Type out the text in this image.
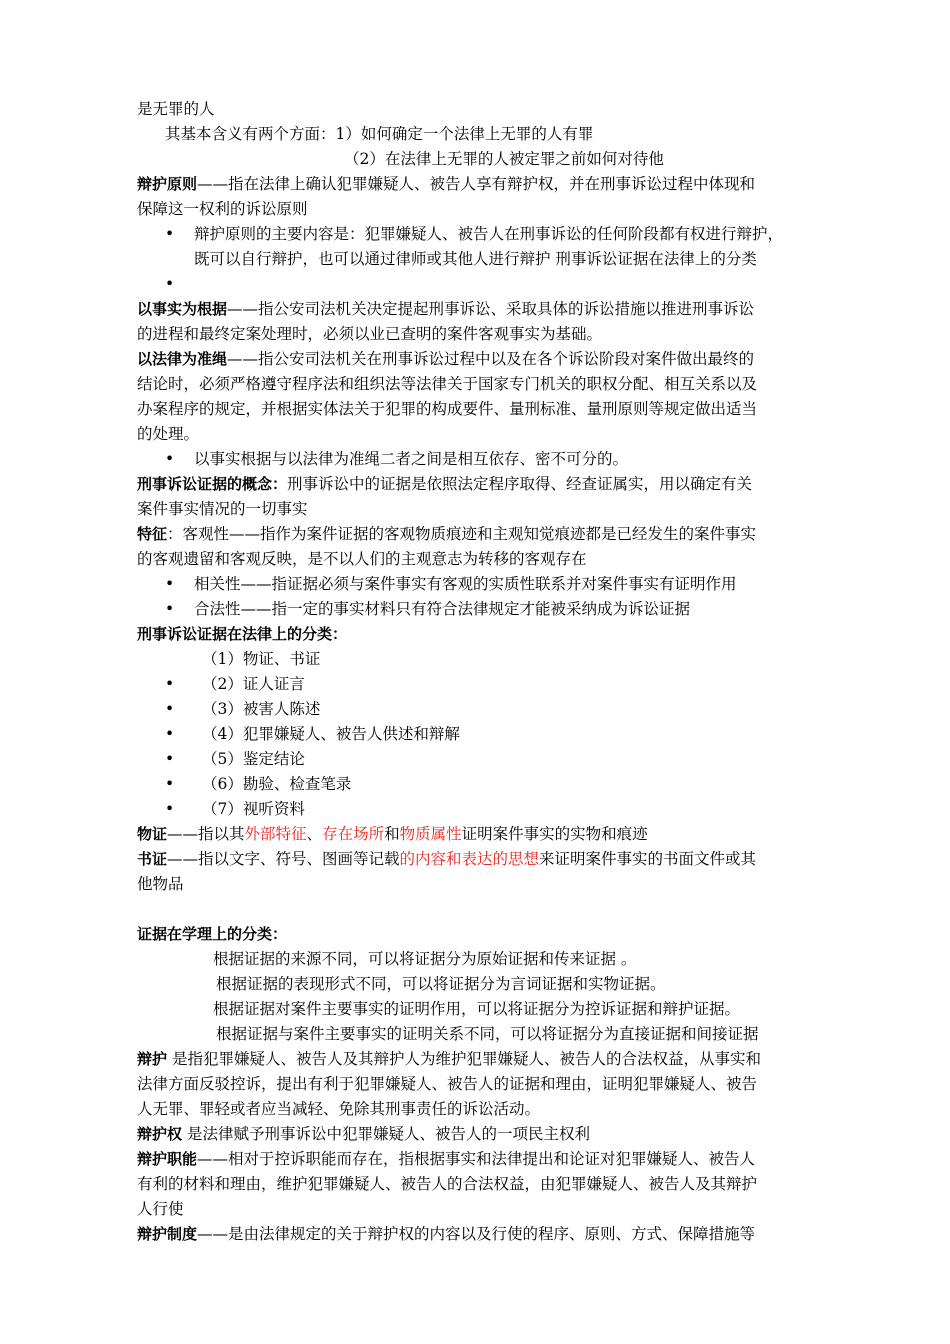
是无罪的人
其基本含义有两个方面：1）如何确定一个法律上无罪的人有罪
（2）在法律上无罪的人被定罪之前如何对待他
辩护原则——指在法律上确认犯罪嫌疑人、被告人享有辩护权，并在刑事诉讼过程中体现和
保障这一权利的诉讼原则
• 辩护原则的主要内容是：犯罪嫌疑人、被告人在刑事诉讼的任何阶段都有权进行辩护，
既可以自行辩护，也可以通过律师或其他人进行辩护 刑事诉讼证据在法律上的分类
•
以事实为根据——指公安司法机关决定提起刑事诉讼、采取具体的诉讼措施以推进刑事诉讼
的进程和最终定案处理时，必须以业已查明的案件客观事实为基础。
以法律为准绳——指公安司法机关在刑事诉讼过程中以及在各个诉讼阶段对案件做出最终的
结论时，必须严格遵守程序法和组织法等法律关于国家专门机关的职权分配、相互关系以及
办案程序的规定，并根据实体法关于犯罪的构成要件、量刑标准、量刑原则等规定做出适当
的处理。
• 以事实根据与以法律为准绳二者之间是相互依存、密不可分的。
刑事诉讼证据的概念：刑事诉讼中的证据是依照法定程序取得、经查证属实，用以确定有关
案件事实情况的一切事实
特征：客观性——指作为案件证据的客观物质痕迹和主观知觉痕迹都是已经发生的案件事实
的客观遗留和客观反映，是不以人们的主观意志为转移的客观存在
• 相关性——指证据必须与案件事实有客观的实质性联系并对案件事实有证明作用
• 合法性——指一定的事实材料只有符合法律规定才能被采纳成为诉讼证据
刑事诉讼证据在法律上的分类：
（1）物证、书证
• （2）证人证言
• （3）被害人陈述
• （4）犯罪嫌疑人、被告人供述和辩解
• （5）鉴定结论
• （6）勘验、检查笔录
• （7）视听资料
物证——指以其外部特征、存在场所和物质属性证明案件事实的实物和痕迹
书证——指以文字、符号、图画等记载的内容和表达的思想来证明案件事实的书面文件或其
他物品
证据在学理上的分类：
根据证据的来源不同，可以将证据分为原始证据和传来证据 。
根据证据的表现形式不同，可以将证据分为言词证据和实物证据。
根据证据对案件主要事实的证明作用，可以将证据分为控诉证据和辩护证据。
根据证据与案件主要事实的证明关系不同，可以将证据分为直接证据和间接证据
辩护 是指犯罪嫌疑人、被告人及其辩护人为维护犯罪嫌疑人、被告人的合法权益，从事实和
法律方面反驳控诉，提出有利于犯罪嫌疑人、被告人的证据和理由，证明犯罪嫌疑人、被告
人无罪、罪轻或者应当减轻、免除其刑事责任的诉讼活动。
辩护权 是法律赋予刑事诉讼中犯罪嫌疑人、被告人的一项民主权利
辩护职能——相对于控诉职能而存在，指根据事实和法律提出和论证对犯罪嫌疑人、被告人
有利的材料和理由，维护犯罪嫌疑人、被告人的合法权益，由犯罪嫌疑人、被告人及其辩护
人行使
辩护制度——是由法律规定的关于辩护权的内容以及行使的程序、原则、方式、保障措施等
